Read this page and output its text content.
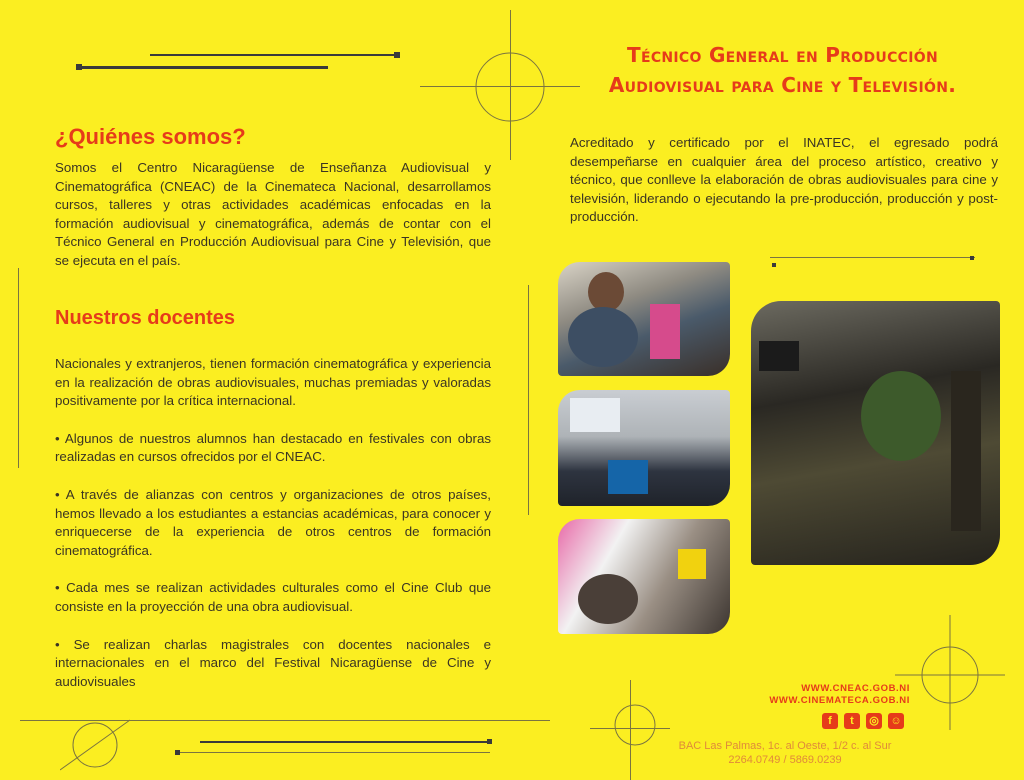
¿Quiénes somos?
Somos el Centro Nicaragüense de Enseñanza Audiovisual y Cinematográfica (CNEAC) de la Cinemateca Nacional, desarrollamos cursos, talleres y otras actividades académicas enfocadas en la formación audiovisual y cinematográfica, además de contar con el Técnico General en Producción Audiovisual para Cine y Televisión, que se ejecuta en el país.
Nuestros docentes

Nacionales y extranjeros, tienen formación cinematográfica y experiencia en la realización de obras audiovisuales, muchas premiadas y valoradas positivamente por la crítica internacional.

• Algunos de nuestros alumnos han destacado en festivales con obras realizadas en cursos ofrecidos por el CNEAC.

• A través de alianzas con centros y organizaciones de otros países, hemos llevado a los estudiantes a estancias académicas, para conocer y enriquecerse de la experiencia de otros centros de formación cinematográfica.

• Cada mes se realizan actividades culturales como el Cine Club que consiste en la proyección de una obra audiovisual.

• Se realizan charlas magistrales con docentes nacionales e internacionales en el marco del Festival Nicaragüense de Cine y audiovisuales

Técnico General en Producción
Audiovisual para Cine y Televisión.
Acreditado y certificado por el INATEC, el egresado podrá desempeñarse en cualquier área del proceso artístico, creativo y técnico, que conlleve la elaboración de obras audiovisuales para cine y televisión, liderando o ejecutando la pre-producción, producción y post-producción.
WWW.CNEAC.GOB.NI
WWW.CINEMATECA.GOB.NI
f	t	◎ ☺
BAC Las Palmas, 1c. al Oeste, 1/2 c. al Sur
2264.0749 / 5869.0239
